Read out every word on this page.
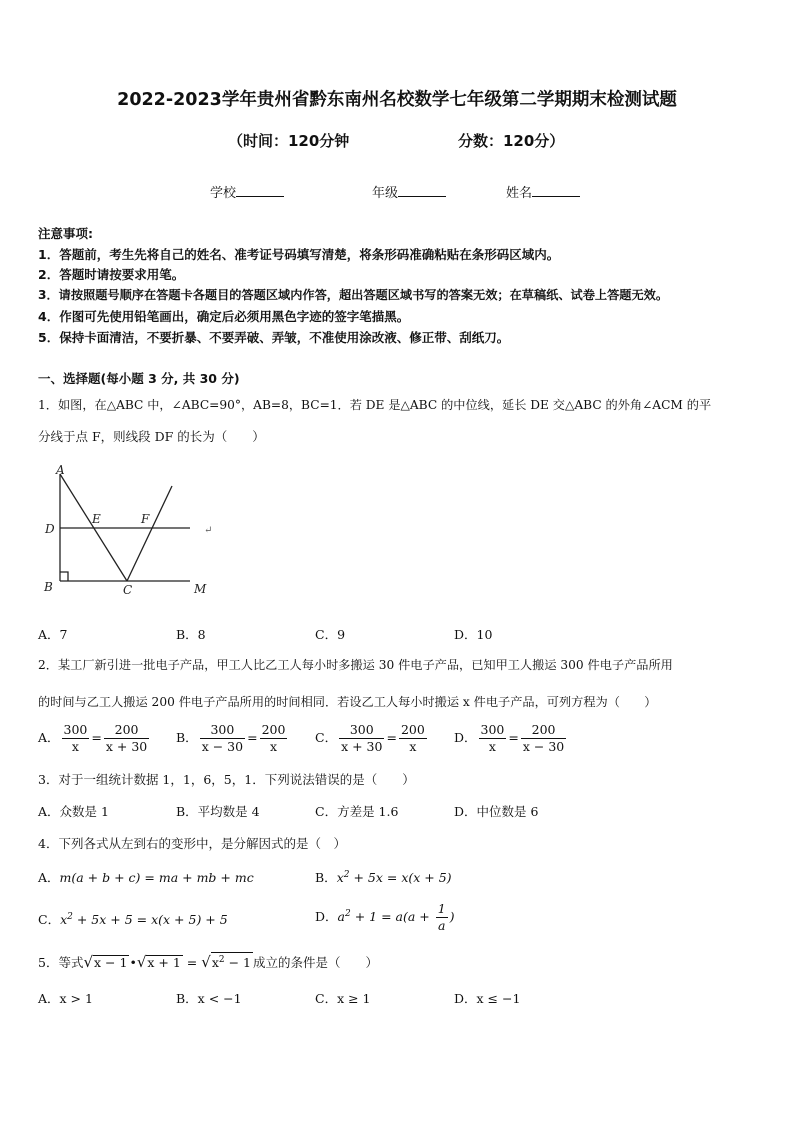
2022-2023学年贵州省黔东南州名校数学七年级第二学期期末检测试题
（时间：120分钟	分数：120分）
学校	年级	姓名
注意事项:
1．答题前，考生先将自己的姓名、准考证号码填写清楚，将条形码准确粘贴在条形码区域内。
2．答题时请按要求用笔。
3．请按照题号顺序在答题卡各题目的答题区域内作答，超出答题区域书写的答案无效；在草稿纸、试卷上答题无效。
4．作图可先使用铅笔画出，确定后必须用黑色字迹的签字笔描黑。
5．保持卡面清洁，不要折暴、不要弄破、弄皱，不准使用涂改液、修正带、刮纸刀。
一、选择题(每小题 3 分, 共 30 分)
1．如图，在△ABC 中，∠ABC=90°，AB=8，BC=1．若 DE 是△ABC 的中位线，延长 DE 交△ABC 的外角∠ACM 的平
分线于点 F，则线段 DF 的长为（　　）
A
D
E	F
B	C	M
↵
A．7	B．8	C．9	D．10
2．某工厂新引进一批电子产品，甲工人比乙工人每小时多搬运 30 件电子产品，已知甲工人搬运 300 件电子产品所用
的时间与乙工人搬运 200 件电子产品所用的时间相同．若设乙工人每小时搬运 x 件电子产品，可列方程为（　　）
A． $\frac{300}{x} = \frac{200}{x + 30}$ B． $\frac{300}{x - 30} = \frac{200}{x}$ C． $\frac{300}{x + 30} = \frac{200}{x}$ D． $\frac{300}{x} = \frac{200}{x - 30}$
3．对于一组统计数据 1，1，6，5，1．下列说法错误的是（　　）
A．众数是 1	B．平均数是 4	C．方差是 1.6	D．中位数是 6
4．下列各式从左到右的变形中，是分解因式的是（　）
A．m(a + b + c) = ma + mb + mc	B．$x^2 + 5x = x(x + 5)$
C．$x^2 + 5x + 5 = x(x + 5) + 5$	D．$a^2 + 1 = a(a + \frac{1}{a}$ )
5．等式√x − 1 •√x + $1 = √x^2 - 1$ 成立的条件是（　　）
A．x > 1	B．x < −1	C．x ≥ 1	D．x ≤ −1
